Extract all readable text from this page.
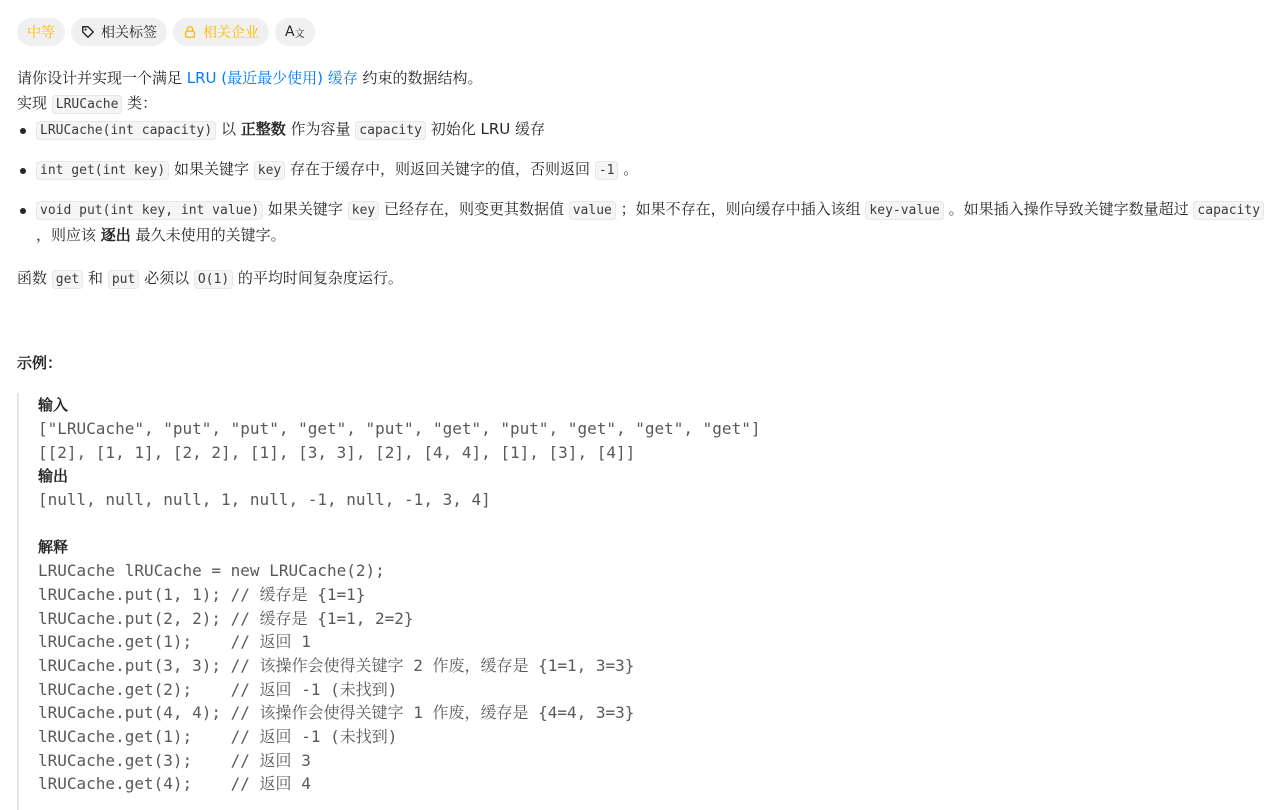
中等	相关标签	相关企业 A文

请你设计并实现一个满足 LRU (最近最少使用) 缓存 约束的数据结构。

实现 LRUCache 类：

LRUCache(int capacity) 以 正整数 作为容量 capacity 初始化 LRU 缓存
int get(int key) 如果关键字 key 存在于缓存中，则返回关键字的值，否则返回 -1 。
void put(int key, int value) 如果关键字 key 已经存在，则变更其数据值 value ；如果不存在，则向缓存中插入该组 key-value 。如果插入操作导致关键字数量超过 capacity ，则应该 逐出 最久未使用的关键字。

函数 get 和 put 必须以 O(1) 的平均时间复杂度运行。

示例：
输入
["LRUCache", "put", "put", "get", "put", "get", "put", "get", "get", "get"]
[[2], [1, 1], [2, 2], [1], [3, 3], [2], [4, 4], [1], [3], [4]]
输出
[null, null, null, 1, null, -1, null, -1, 3, 4]
解释
LRUCache lRUCache = new LRUCache(2);
lRUCache.put(1, 1); // 缓存是 {1=1}
lRUCache.put(2, 2); // 缓存是 {1=1, 2=2}
lRUCache.get(1);    // 返回 1
lRUCache.put(3, 3); // 该操作会使得关键字 2 作废，缓存是 {1=1, 3=3}
lRUCache.get(2);    // 返回 -1 (未找到)
lRUCache.put(4, 4); // 该操作会使得关键字 1 作废，缓存是 {4=4, 3=3}
lRUCache.get(1);    // 返回 -1 (未找到)
lRUCache.get(3);    // 返回 3
lRUCache.get(4);    // 返回 4
